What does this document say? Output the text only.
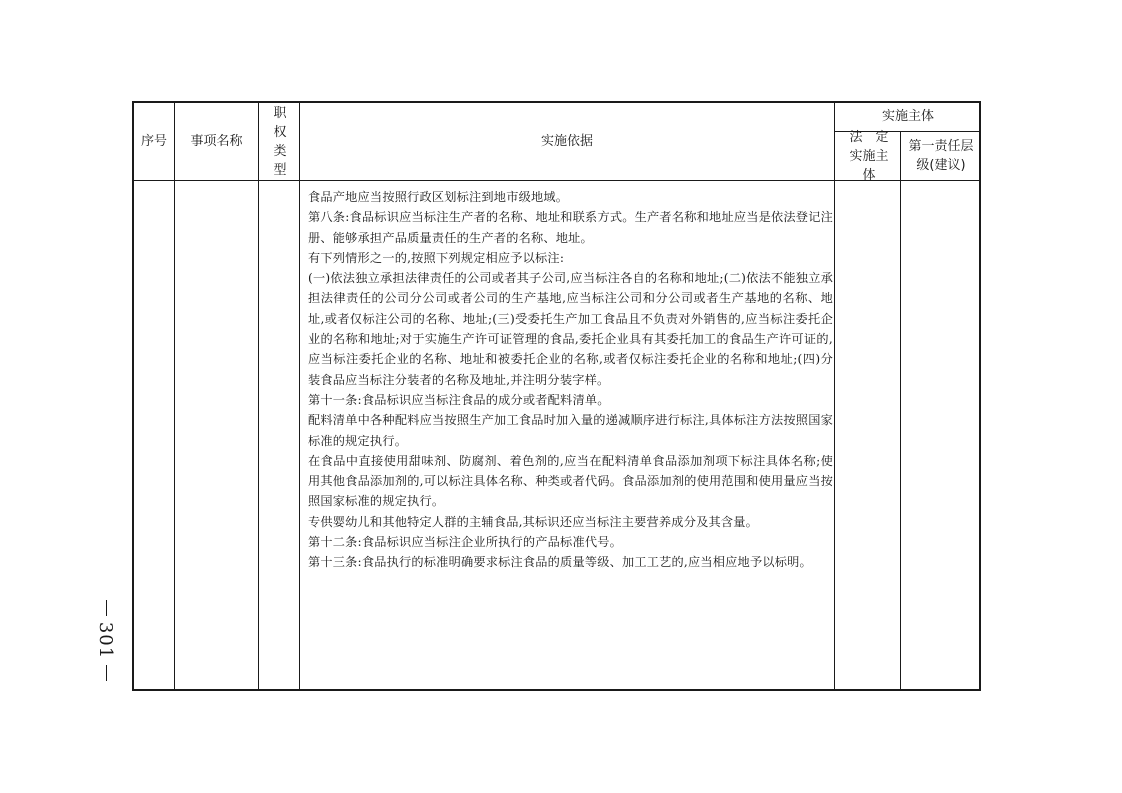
序号	事项名称
职权类型
实施依据
实施主体
法　定实施主体
第一责任层级(建议)

食品产地应当按照行政区划标注到地市级地域。

第八条:食品标识应当标注生产者的名称、地址和联系方式。生产者名称和地址应当是依法登记注册、能够承担产品质量责任的生产者的名称、地址。

有下列情形之一的,按照下列规定相应予以标注:

(一)依法独立承担法律责任的公司或者其子公司,应当标注各自的名称和地址;(二)依法不能独立承担法律责任的公司分公司或者公司的生产基地,应当标注公司和分公司或者生产基地的名称、地址,或者仅标注公司的名称、地址;(三)受委托生产加工食品且不负责对外销售的,应当标注委托企业的名称和地址;对于实施生产许可证管理的食品,委托企业具有其委托加工的食品生产许可证的,应当标注委托企业的名称、地址和被委托企业的名称,或者仅标注委托企业的名称和地址;(四)分装食品应当标注分装者的名称及地址,并注明分装字样。

第十一条:食品标识应当标注食品的成分或者配料清单。

配料清单中各种配料应当按照生产加工食品时加入量的递减顺序进行标注,具体标注方法按照国家标准的规定执行。

在食品中直接使用甜味剂、防腐剂、着色剂的,应当在配料清单食品添加剂项下标注具体名称;使用其他食品添加剂的,可以标注具体名称、种类或者代码。食品添加剂的使用范围和使用量应当按照国家标准的规定执行。

专供婴幼儿和其他特定人群的主辅食品,其标识还应当标注主要营养成分及其含量。

第十二条:食品标识应当标注企业所执行的产品标准代号。

第十三条:食品执行的标准明确要求标注食品的质量等级、加工工艺的,应当相应地予以标明。

301
